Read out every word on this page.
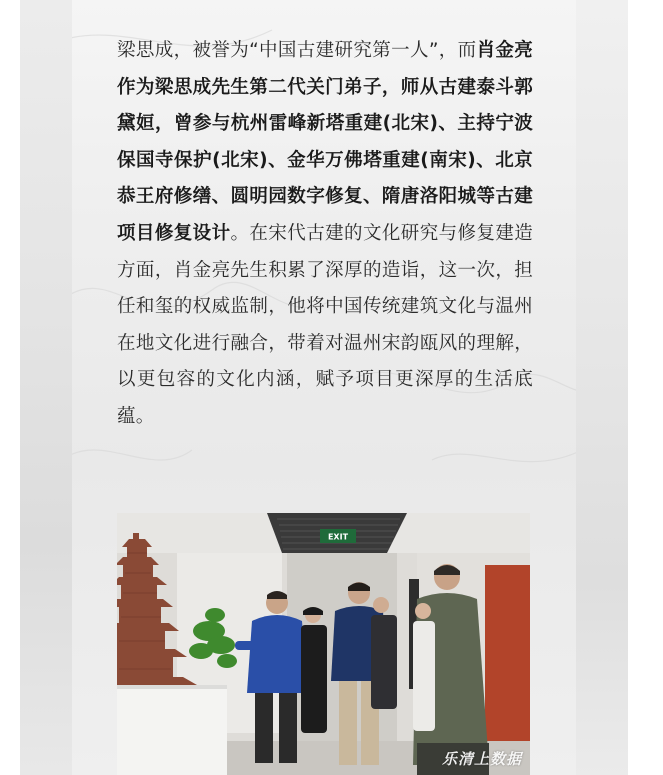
梁思成，被誉为“中国古建研究第一人”，而肖金亮作为梁思成先生第二代关门弟子，师从古建泰斗郭黛姮，曾参与杭州雷峰新塔重建(北宋)、主持宁波保国寺保护(北宋)、金华万佛塔重建(南宋)、北京恭王府修缮、圆明园数字修复、隋唐洛阳城等古建项目修复设计。在宋代古建的文化研究与修复建造方面，肖金亮先生积累了深厚的造诣，这一次，担任和玺的权威监制，他将中国传统建筑文化与温州在地文化进行融合，带着对温州宋韵瓯风的理解，以更包容的文化内涵，赋予项目更深厚的生活底蕴。
EXIT
乐清上数据
